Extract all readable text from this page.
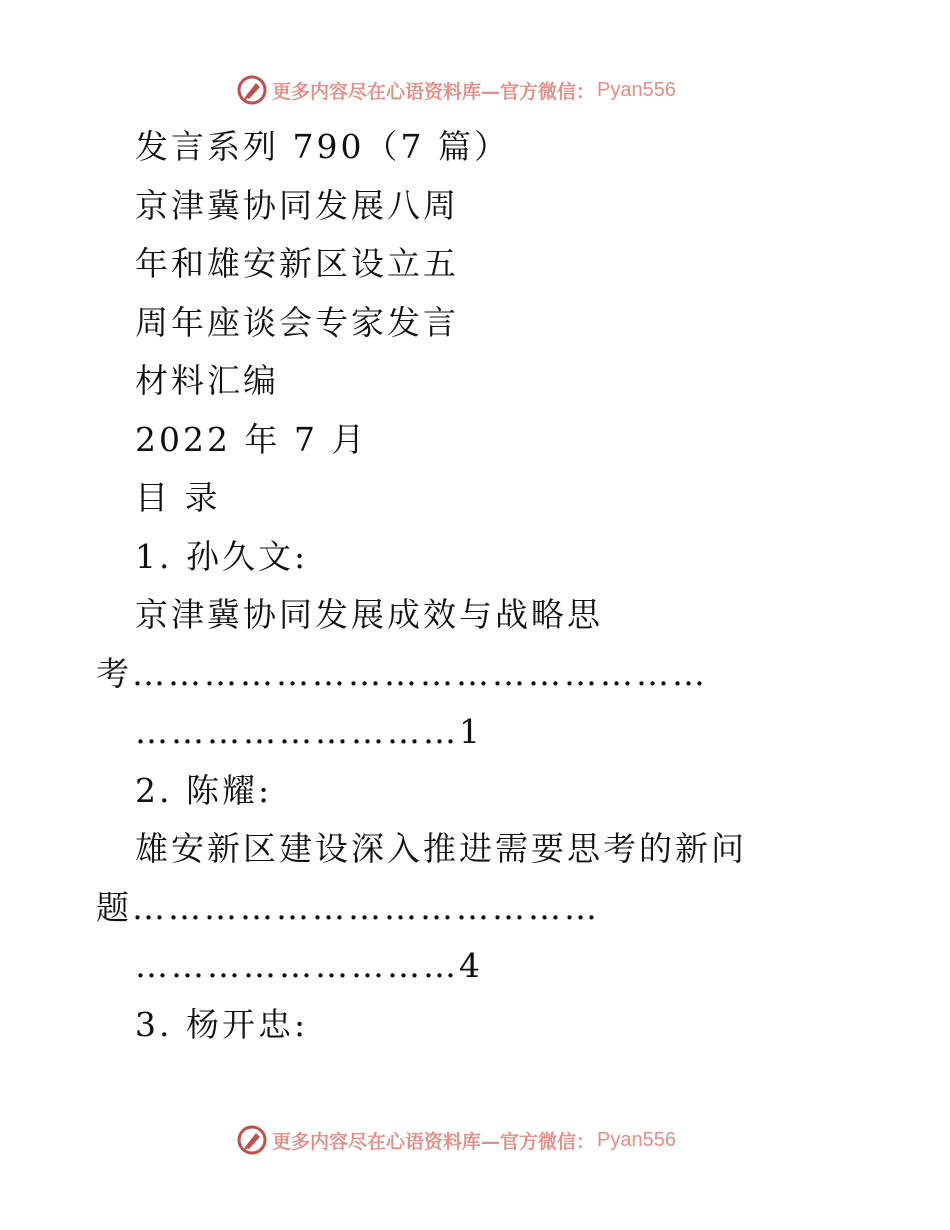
更多内容尽在心语资料库—官方微信： Pyan556
发言系列 790（7 篇）
京津冀协同发展八周
年和雄安新区设立五
周年座谈会专家发言
材料汇编
2022 年 7 月
目 录
1. 孙久文:
京津冀协同发展成效与战略思
考…………………………………………
………………………1
2. 陈耀:
雄安新区建设深入推进需要思考的新问
题…………………………………
………………………4
3. 杨开忠:
更多内容尽在心语资料库—官方微信： Pyan556
